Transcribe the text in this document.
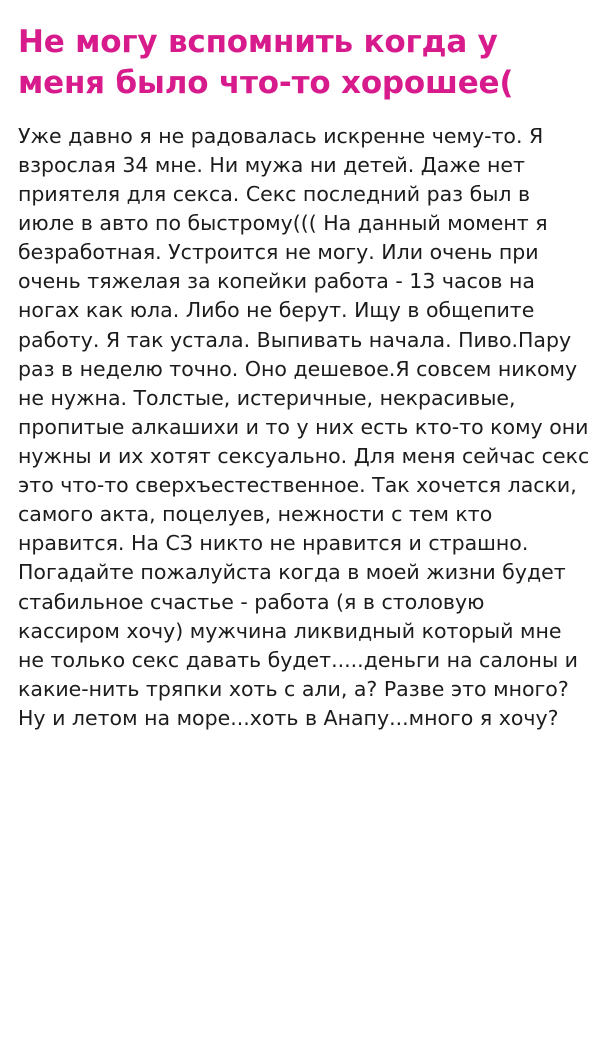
Не могу вспомнить когда у меня было что-то хорошее(
Уже давно я не радовалась искренне чему-то. Я взрослая 34 мне. Ни мужа ни детей. Даже нет приятеля для секса. Секс последний раз был в июле в авто по быстрому((( На данный момент я безработная. Устроится не могу. Или очень при очень тяжелая за копейки работа - 13 часов на ногах как юла. Либо не берут. Ищу в общепите работу. Я так устала. Выпивать начала. Пиво.Пару раз в неделю точно. Оно дешевое.Я совсем никому не нужна. Толстые, истеричные, некрасивые, пропитые алкашихи и то у них есть кто-то кому они нужны и их хотят сексуально. Для меня сейчас секс это что-то сверхъестественное. Так хочется ласки, самого акта, поцелуев, нежности с тем кто нравится. На СЗ никто не нравится и страшно. Погадайте пожалуйста когда в моей жизни будет стабильное счастье - работа (я в столовую кассиром хочу) мужчина ликвидный который мне не только секс давать будет.....деньги на салоны и какие-нить тряпки хоть с али, а? Разве это много? Ну и летом на море...хоть в Анапу...много я хочу?
